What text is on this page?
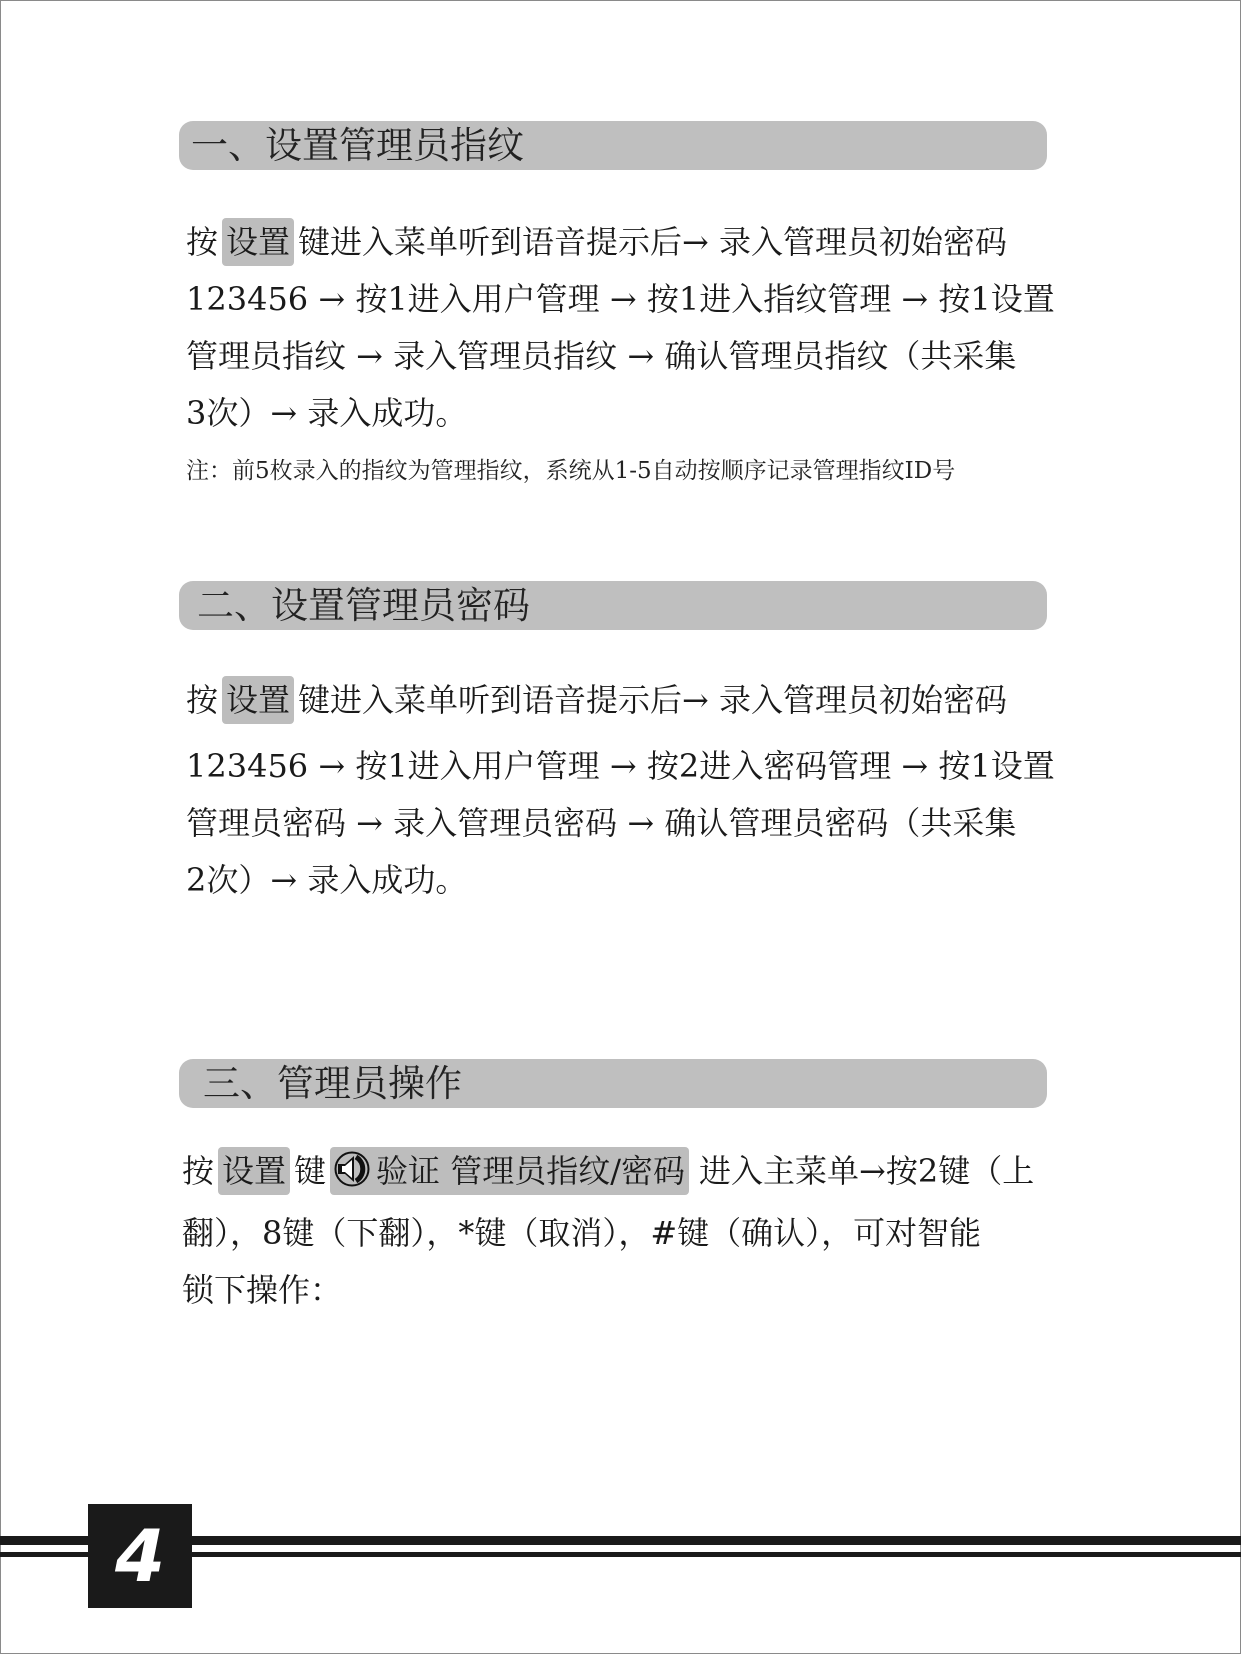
一、设置管理员指纹
按 设置 键进入菜单听到语音提示后→ 录入管理员初始密码
123456 → 按1进入用户管理 → 按1进入指纹管理 → 按1设置
管理员指纹 → 录入管理员指纹 → 确认管理员指纹（共采集
3次）→ 录入成功。
注：前5枚录入的指纹为管理指纹，系统从1-5自动按顺序记录管理指纹ID号
二、设置管理员密码
按 设置 键进入菜单听到语音提示后→ 录入管理员初始密码
123456 → 按1进入用户管理 → 按2进入密码管理 → 按1设置
管理员密码 → 录入管理员密码 → 确认管理员密码（共采集
2次）→ 录入成功。
三、管理员操作
按 设置 键 验证 管理员指纹/密码 进入主菜单→按2键（上
翻），8键（下翻），*键（取消），#键（确认），可对智能
锁下操作：
4
